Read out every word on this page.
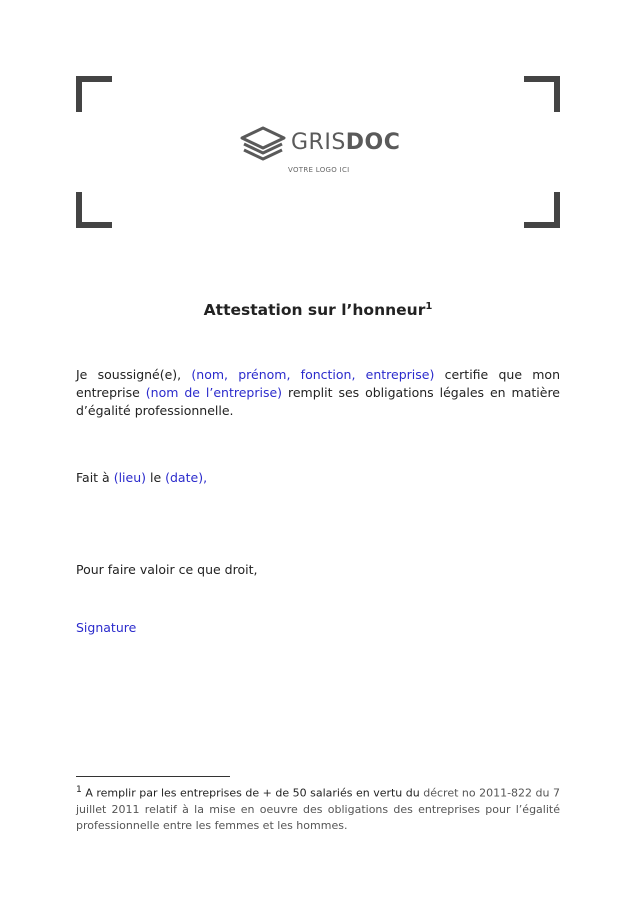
GRISDOC
VOTRE LOGO ICI
Attestation sur l’honneur$^1$
Je soussigné(e), (nom, prénom, fonction, entreprise) certifie que mon entreprise (nom de l’entreprise) remplit ses obligations légales en matière d’égalité professionnelle.
Fait à (lieu) le (date),
Pour faire valoir ce que droit,
Signature
$^1$ A remplir par les entreprises de + de 50 salariés en vertu du décret no 2011-822 du 7 juillet 2011 relatif à la mise en oeuvre des obligations des entreprises pour l’égalité professionnelle entre les femmes et les hommes.
